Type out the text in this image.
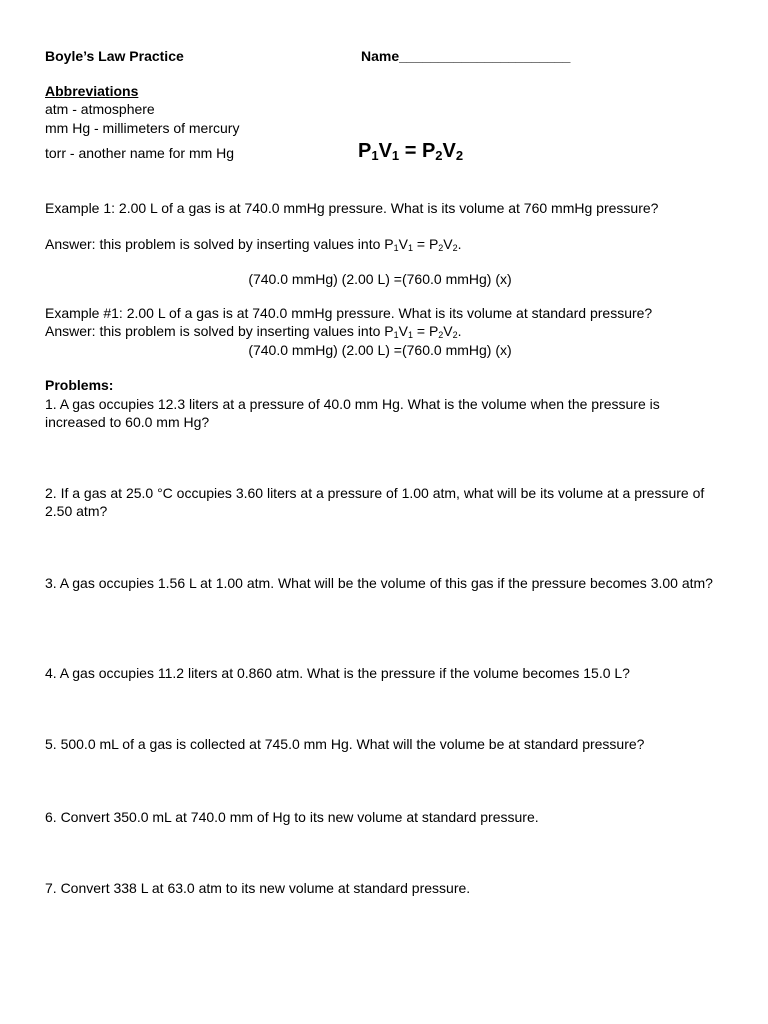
Boyle’s Law Practice	Name______________________
Abbreviations
atm - atmosphere
mm Hg - millimeters of mercury
torr - another name for mm Hg	$P_1V_1 = P_2V_2$
Example 1: 2.00 L of a gas is at 740.0 mmHg pressure. What is its volume at 760 mmHg pressure?
Answer: this problem is solved by inserting values into $P_1V_1 = P_2V_2$.
(740.0 mmHg) (2.00 L) =(760.0 mmHg) (x)
Example #1: 2.00 L of a gas is at 740.0 mmHg pressure. What is its volume at standard pressure?
Answer: this problem is solved by inserting values into $P_1V_1 = P_2V_2$.
(740.0 mmHg) (2.00 L) =(760.0 mmHg) (x)
Problems:
1. A gas occupies 12.3 liters at a pressure of 40.0 mm Hg. What is the volume when the pressure is increased to 60.0 mm Hg?
2. If a gas at 25.0 °C occupies 3.60 liters at a pressure of 1.00 atm, what will be its volume at a pressure of 2.50 atm?
3. A gas occupies 1.56 L at 1.00 atm. What will be the volume of this gas if the pressure becomes 3.00 atm?
4. A gas occupies 11.2 liters at 0.860 atm. What is the pressure if the volume becomes 15.0 L?
5. 500.0 mL of a gas is collected at 745.0 mm Hg. What will the volume be at standard pressure?
6. Convert 350.0 mL at 740.0 mm of Hg to its new volume at standard pressure.
7. Convert 338 L at 63.0 atm to its new volume at standard pressure.
